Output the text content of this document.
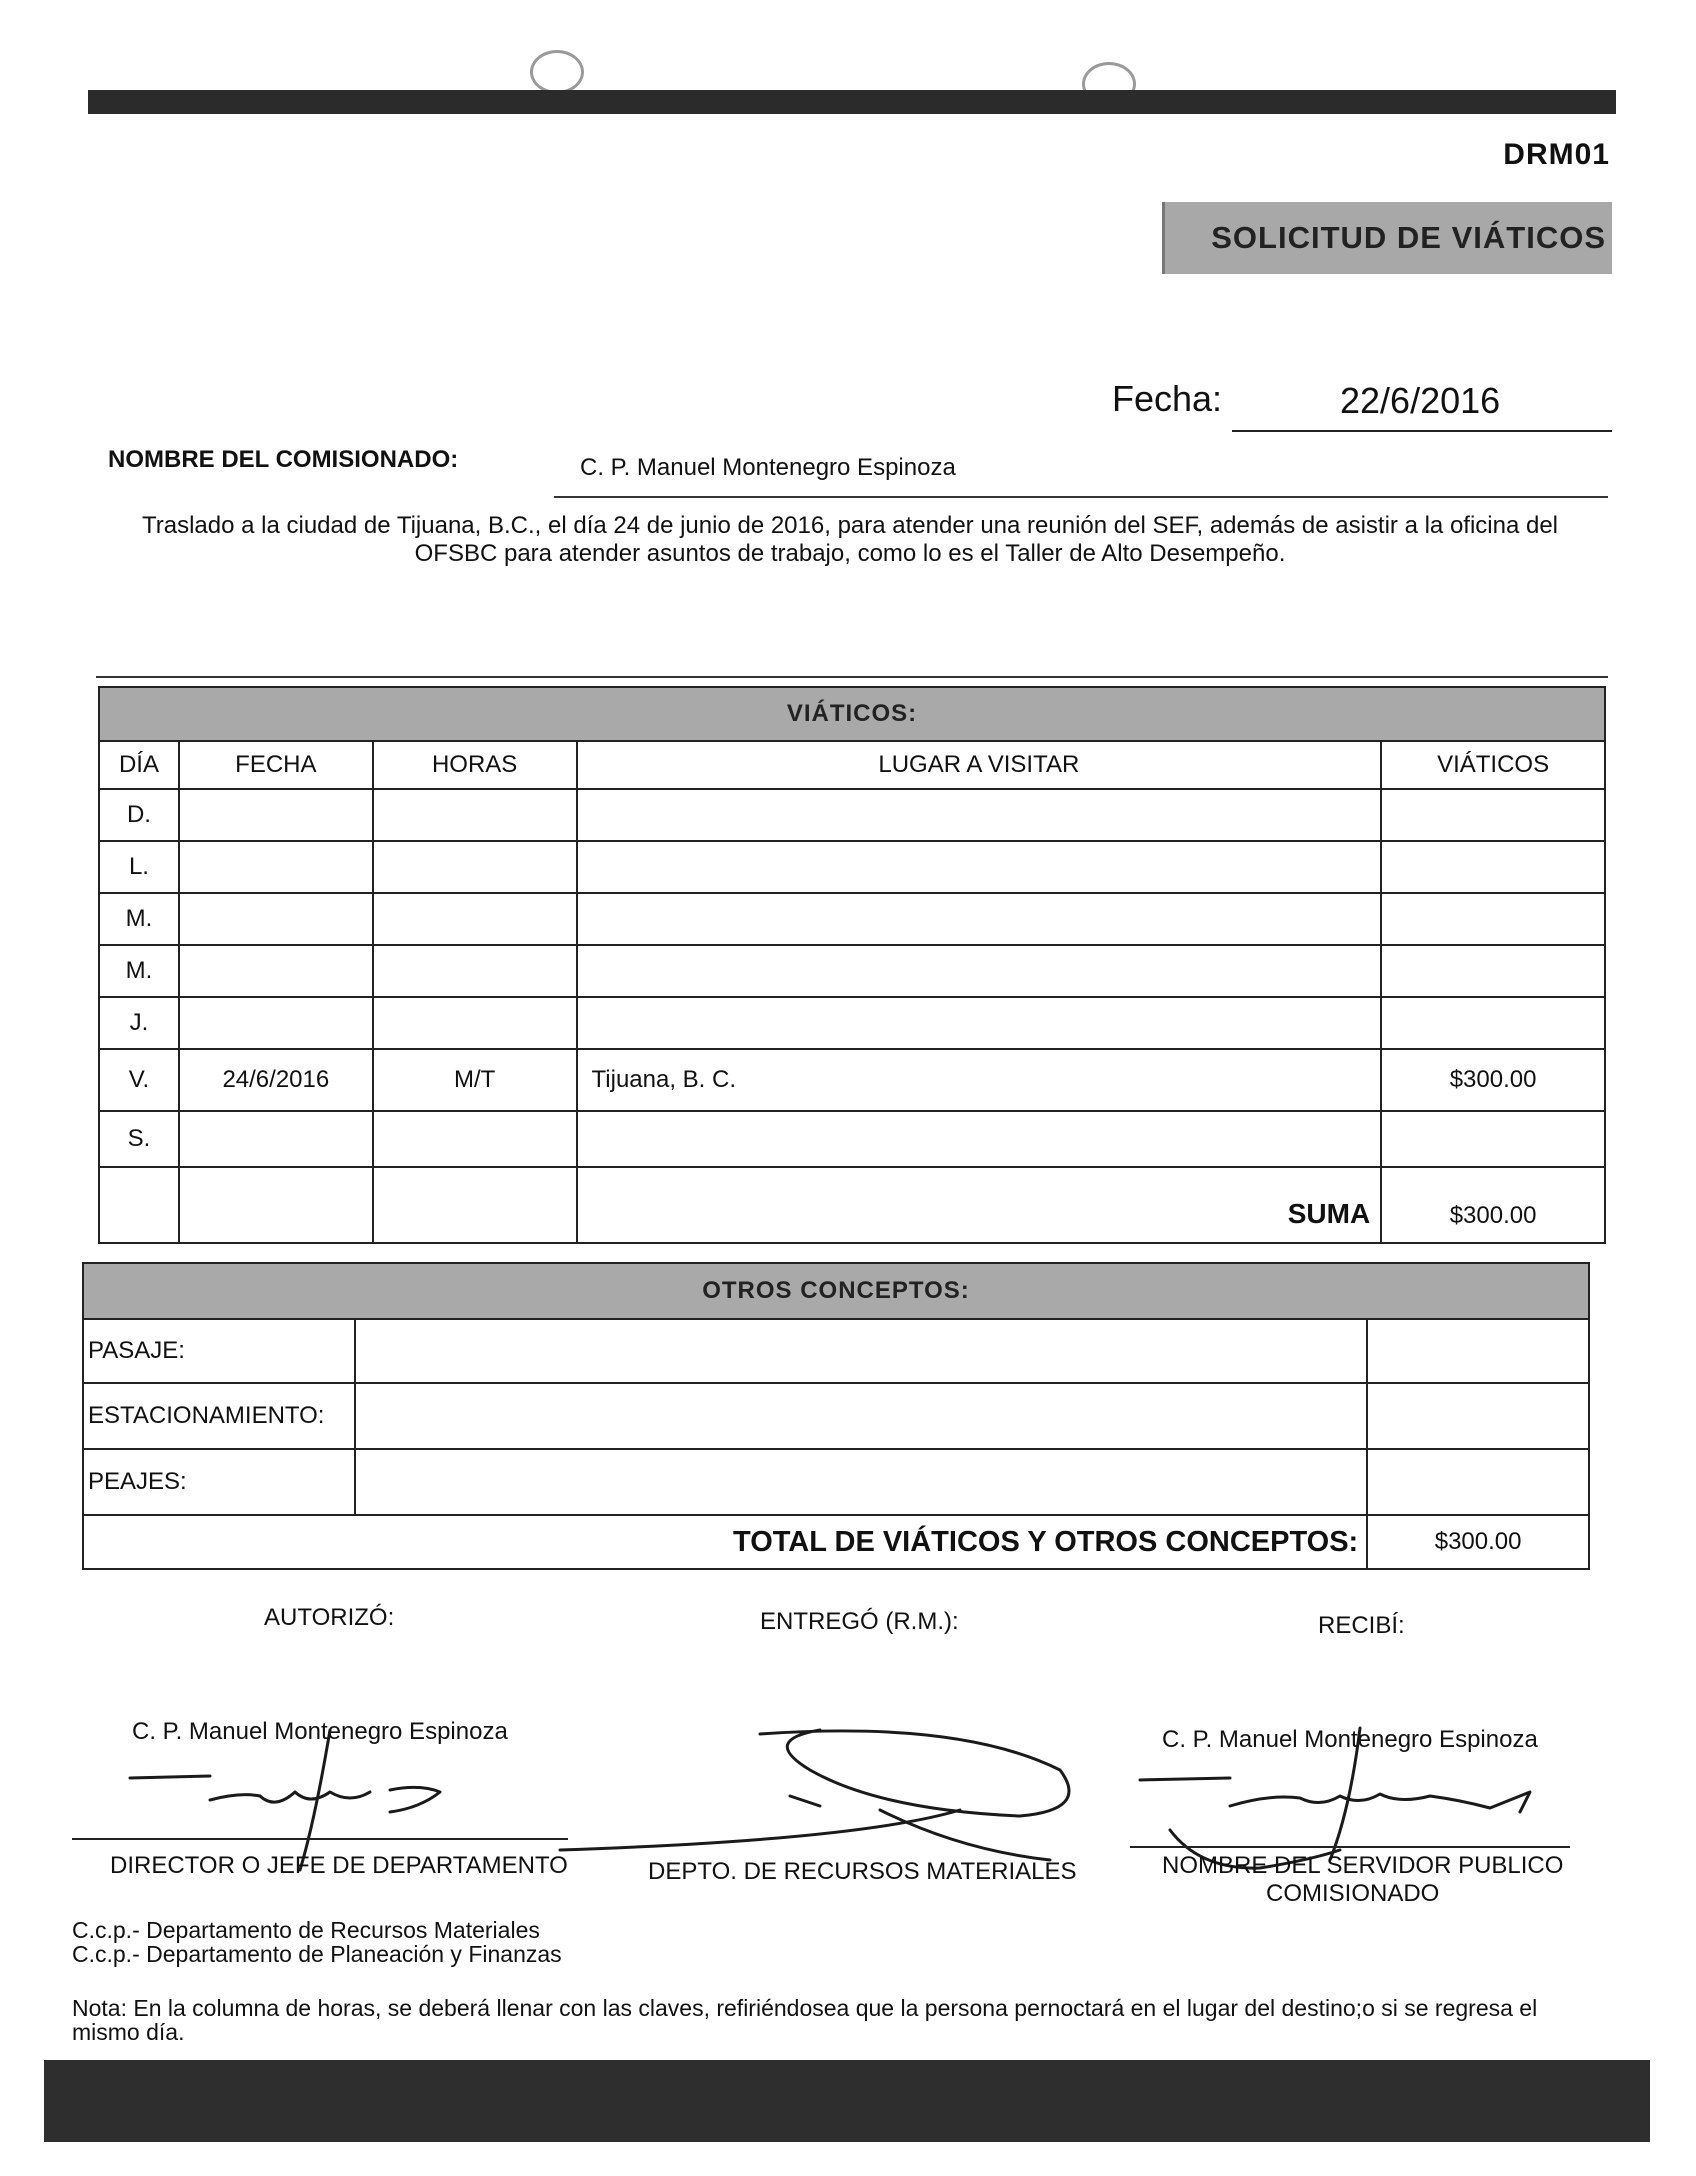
DRM01
SOLICITUD DE VIÁTICOS
Fecha:	22/6/2016
NOMBRE DEL COMISIONADO:	C. P. Manuel Montenegro Espinoza
Traslado a la ciudad de Tijuana, B.C., el día 24 de junio de 2016, para atender una reunión del SEF, además de asistir a la oficina del OFSBC para atender asuntos de trabajo, como lo es el Taller de Alto Desempeño.
VIÁTICOS:				
DÍA	FECHA	HORAS	LUGAR A VISITAR	VIÁTICOS
D.				
L.				
M.				
M.				
J.				
V.	24/6/2016	M/T	Tijuana, B. C.	$300.00
S.				
			SUMA	$300.00
OTROS CONCEPTOS:		
PASAJE:		
ESTACIONAMIENTO:		
PEAJES:		
TOTAL DE VIÁTICOS Y OTROS CONCEPTOS:		$300.00
AUTORIZÓ:	ENTREGÓ (R.M.):	RECIBÍ:
C. P. Manuel Montenegro Espinoza	C. P. Manuel Montenegro Espinoza
DIRECTOR O JEFE DE DEPARTAMENTO	DEPTO. DE RECURSOS MATERIALES	NOMBRE DEL SERVIDOR PUBLICO
COMISIONADO
C.c.p.- Departamento de Recursos Materiales
C.c.p.- Departamento de Planeación y Finanzas
Nota: En la columna de horas, se deberá llenar con las claves, refiriéndosea que la persona pernoctará en el lugar del destino;o si se regresa el mismo día.
